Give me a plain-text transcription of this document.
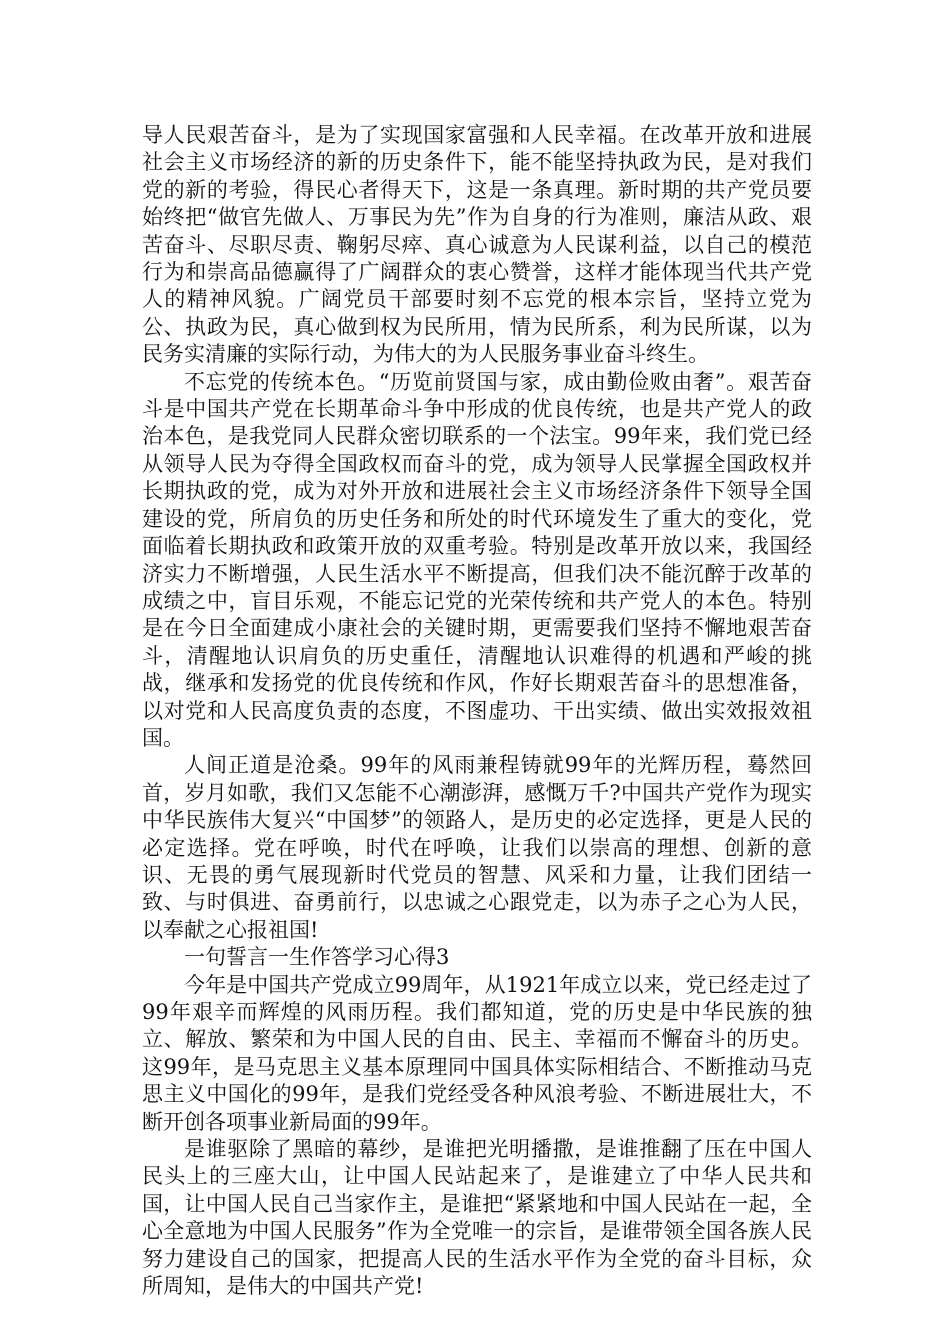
导人民艰苦奋斗，是为了实现国家富强和人民幸福。在改革开放和进展社会主义市场经济的新的历史条件下，能不能坚持执政为民，是对我们党的新的考验，得民心者得天下，这是一条真理。新时期的共产党员要始终把“做官先做人、万事民为先”作为自身的行为准则，廉洁从政、艰苦奋斗、尽职尽责、鞠躬尽瘁、真心诚意为人民谋利益，以自己的模范行为和崇高品德赢得了广阔群众的衷心赞誉，这样才能体现当代共产党人的精神风貌。广阔党员干部要时刻不忘党的根本宗旨，坚持立党为公、执政为民，真心做到权为民所用，情为民所系，利为民所谋，以为民务实清廉的实际行动，为伟大的为人民服务事业奋斗终生。

不忘党的传统本色。“历览前贤国与家，成由勤俭败由奢”。艰苦奋斗是中国共产党在长期革命斗争中形成的优良传统，也是共产党人的政治本色，是我党同人民群众密切联系的一个法宝。99年来，我们党已经从领导人民为夺得全国政权而奋斗的党，成为领导人民掌握全国政权并长期执政的党，成为对外开放和进展社会主义市场经济条件下领导全国建设的党，所肩负的历史任务和所处的时代环境发生了重大的变化，党面临着长期执政和政策开放的双重考验。特别是改革开放以来，我国经济实力不断增强，人民生活水平不断提高，但我们决不能沉醉于改革的成绩之中，盲目乐观，不能忘记党的光荣传统和共产党人的本色。特别是在今日全面建成小康社会的关键时期，更需要我们坚持不懈地艰苦奋斗，清醒地认识肩负的历史重任，清醒地认识难得的机遇和严峻的挑战，继承和发扬党的优良传统和作风，作好长期艰苦奋斗的思想准备，以对党和人民高度负责的态度，不图虚功、干出实绩、做出实效报效祖国。

人间正道是沧桑。99年的风雨兼程铸就99年的光辉历程，蓦然回首，岁月如歌，我们又怎能不心潮澎湃，感慨万千?中国共产党作为现实中华民族伟大复兴“中国梦”的领路人，是历史的必定选择，更是人民的必定选择。党在呼唤，时代在呼唤，让我们以崇高的理想、创新的意识、无畏的勇气展现新时代党员的智慧、风采和力量，让我们团结一致、与时俱进、奋勇前行，以忠诚之心跟党走，以为赤子之心为人民，以奉献之心报祖国!

一句誓言一生作答学习心得3

今年是中国共产党成立99周年，从1921年成立以来，党已经走过了99年艰辛而辉煌的风雨历程。我们都知道，党的历史是中华民族的独立、解放、繁荣和为中国人民的自由、民主、幸福而不懈奋斗的历史。这99年，是马克思主义基本原理同中国具体实际相结合、不断推动马克思主义中国化的99年，是我们党经受各种风浪考验、不断进展壮大，不断开创各项事业新局面的99年。

是谁驱除了黑暗的幕纱，是谁把光明播撒，是谁推翻了压在中国人民头上的三座大山，让中国人民站起来了，是谁建立了中华人民共和国，让中国人民自己当家作主，是谁把“紧紧地和中国人民站在一起，全心全意地为中国人民服务”作为全党唯一的宗旨，是谁带领全国各族人民努力建设自己的国家，把提高人民的生活水平作为全党的奋斗目标，众所周知，是伟大的中国共产党!
